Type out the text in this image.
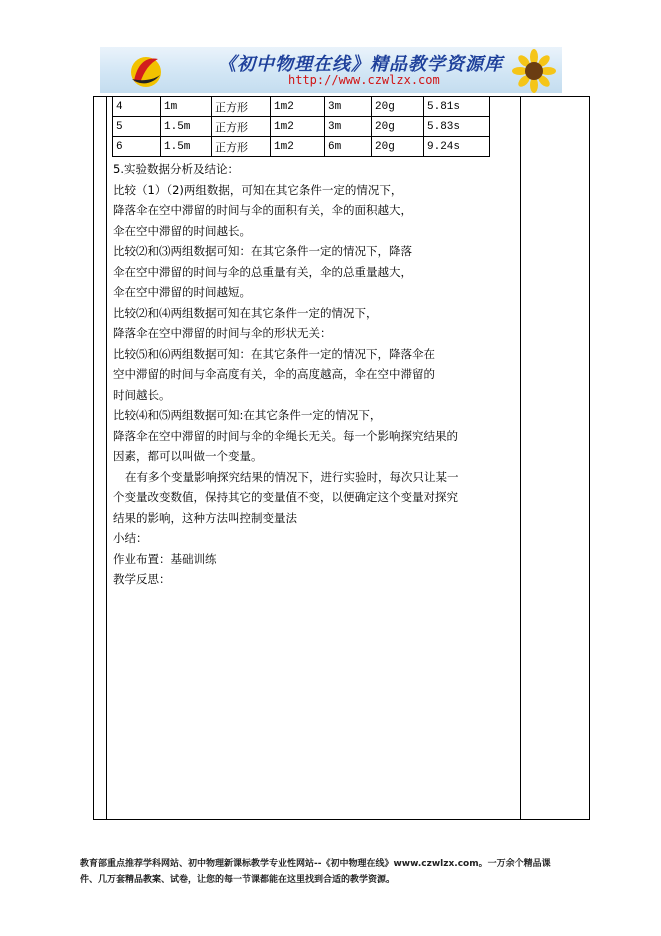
《初中物理在线》精品教学资源库
http://www.czwlzx.com
4	1m	正方形	1m2	3m	20g	5.81s
5	1.5m	正方形	1m2	3m	20g	5.83s
6	1.5m	正方形	1m2	6m	20g	9.24s

5.实验数据分析及结论：

比较（1）（2)两组数据，可知在其它条件一定的情况下，

降落伞在空中滞留的时间与伞的面积有关，伞的面积越大，

伞在空中滞留的时间越长。

比较⑵和⑶两组数据可知：在其它条件一定的情况下，降落

伞在空中滞留的时间与伞的总重量有关，伞的总重量越大，

伞在空中滞留的时间越短。

比较⑵和⑷两组数据可知在其它条件一定的情况下，

降落伞在空中滞留的时间与伞的形状无关：

比较⑸和⑹两组数据可知：在其它条件一定的情况下，降落伞在

空中滞留的时间与伞高度有关，伞的高度越高，伞在空中滞留的

时间越长。

比较⑷和⑸两组数据可知:在其它条件一定的情况下，

降落伞在空中滞留的时间与伞的伞绳长无关。每一个影响探究结果的

因素，都可以叫做一个变量。

在有多个变量影响探究结果的情况下，进行实验时，每次只让某一

个变量改变数值，保持其它的变量值不变，以便确定这个变量对探究

结果的影响，这种方法叫控制变量法

小结：

作业布置：基础训练

教学反思：

教育部重点推荐学科网站、初中物理新课标教学专业性网站--《初中物理在线》www.czwlzx.com。一万余个精品课
件、几万套精品教案、试卷，让您的每一节课都能在这里找到合适的教学资源。
